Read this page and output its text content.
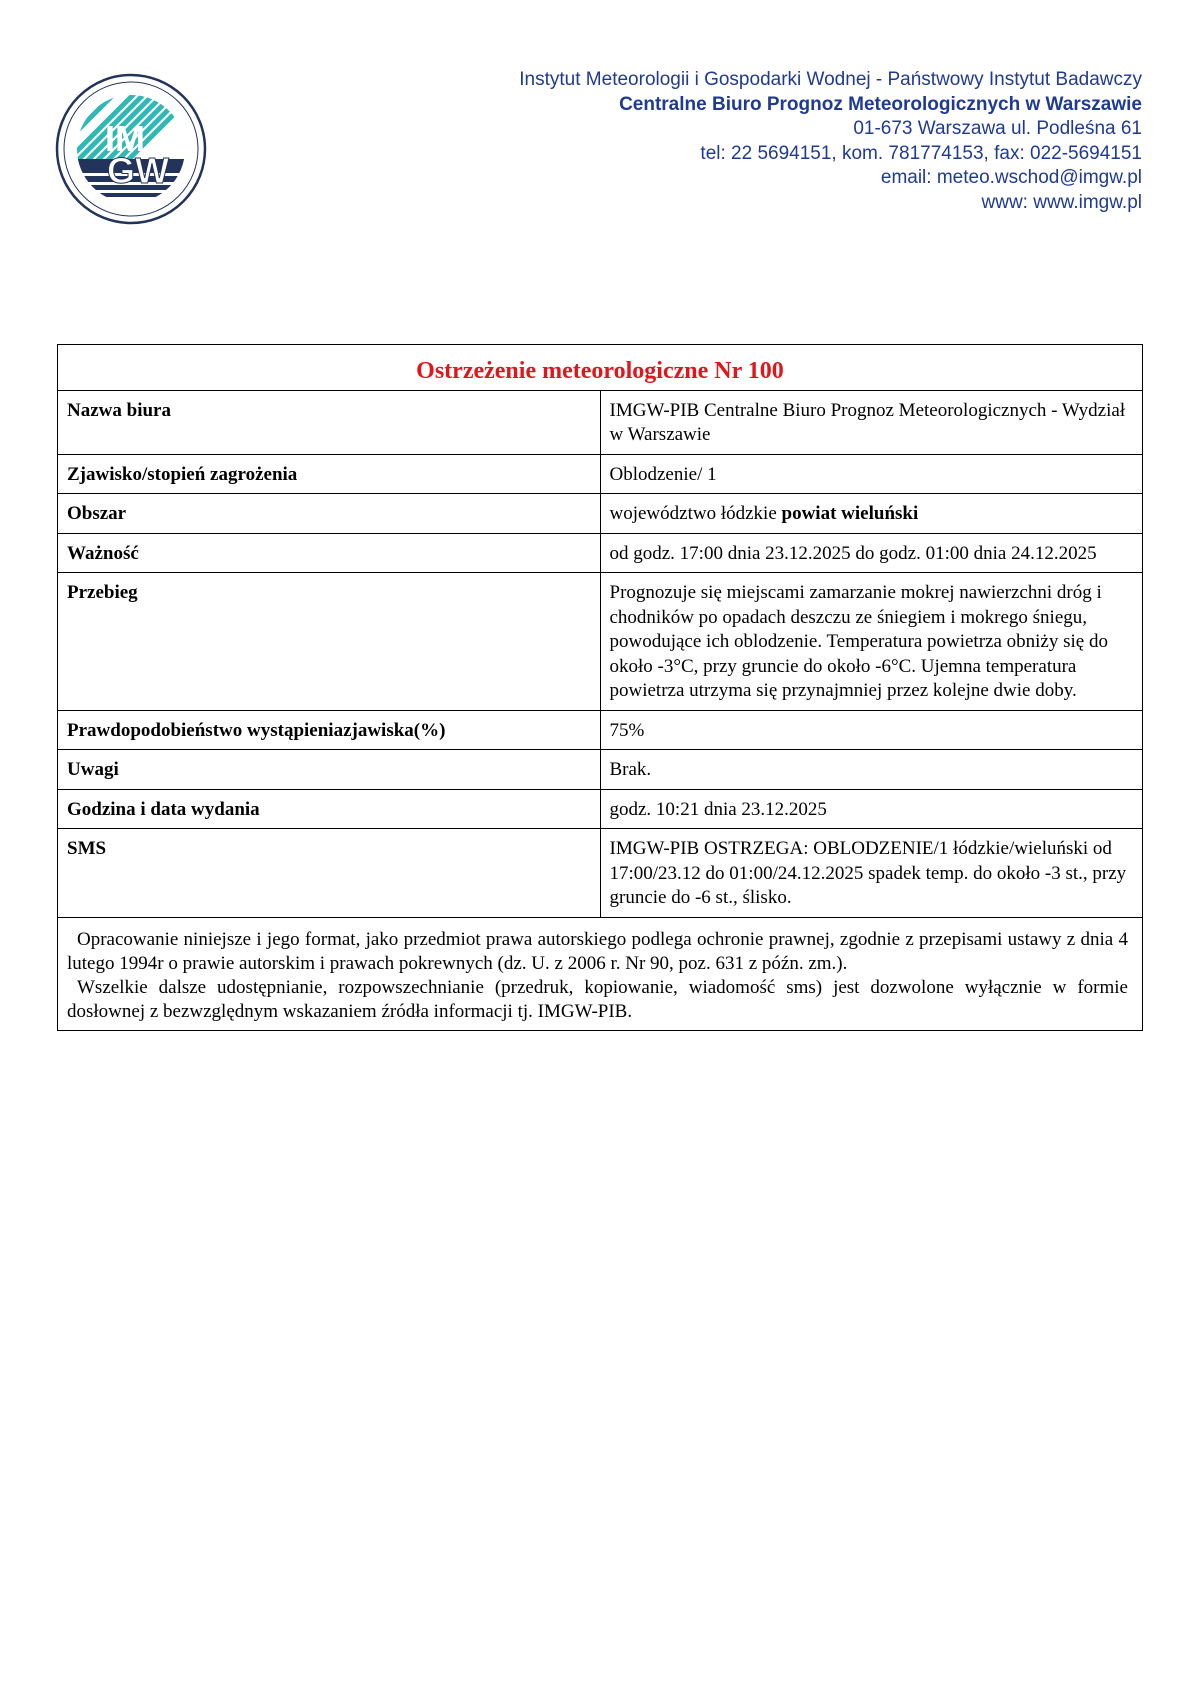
IM
GW
Instytut Meteorologii i Gospodarki Wodnej - Państwowy Instytut Badawczy
Centralne Biuro Prognoz Meteorologicznych w Warszawie
01-673 Warszawa ul. Podleśna 61
tel: 22 5694151, kom. 781774153, fax: 022-5694151
email: meteo.wschod@imgw.pl
www: www.imgw.pl
Ostrzeżenie meteorologiczne Nr 100	
Nazwa biura	IMGW-PIB Centralne Biuro Prognoz Meteorologicznych - Wydział w Warszawie
Zjawisko/stopień zagrożenia	Oblodzenie/ 1
Obszar	województwo łódzkie powiat wieluński
Ważność	od godz. 17:00 dnia 23.12.2025 do godz. 01:00 dnia 24.12.2025
Przebieg	Prognozuje się miejscami zamarzanie mokrej nawierzchni dróg i chodników po opadach deszczu ze śniegiem i mokrego śniegu, powodujące ich oblodzenie. Temperatura powietrza obniży się do około -3°C, przy gruncie do około -6°C. Ujemna temperatura powietrza utrzyma się przynajmniej przez kolejne dwie doby.
Prawdopodobieństwo wystąpieniazjawiska(%)	75%
Uwagi	Brak.
Godzina i data wydania	godz. 10:21 dnia 23.12.2025
SMS	IMGW-PIB OSTRZEGA: OBLODZENIE/1 łódzkie/wieluński od 17:00/23.12 do 01:00/24.12.2025 spadek temp. do około -3 st., przy gruncie do -6 st., ślisko.

Opracowanie niniejsze i jego format, jako przedmiot prawa autorskiego podlega ochronie prawnej, zgodnie z przepisami ustawy z dnia 4 lutego 1994r o prawie autorskim i prawach pokrewnych (dz. U. z 2006 r. Nr 90, poz. 631 z późn. zm.).

Wszelkie dalsze udostępnianie, rozpowszechnianie (przedruk, kopiowanie, wiadomość sms) jest dozwolone wyłącznie w formie dosłownej z bezwzględnym wskazaniem źródła informacji tj. IMGW-PIB.	
